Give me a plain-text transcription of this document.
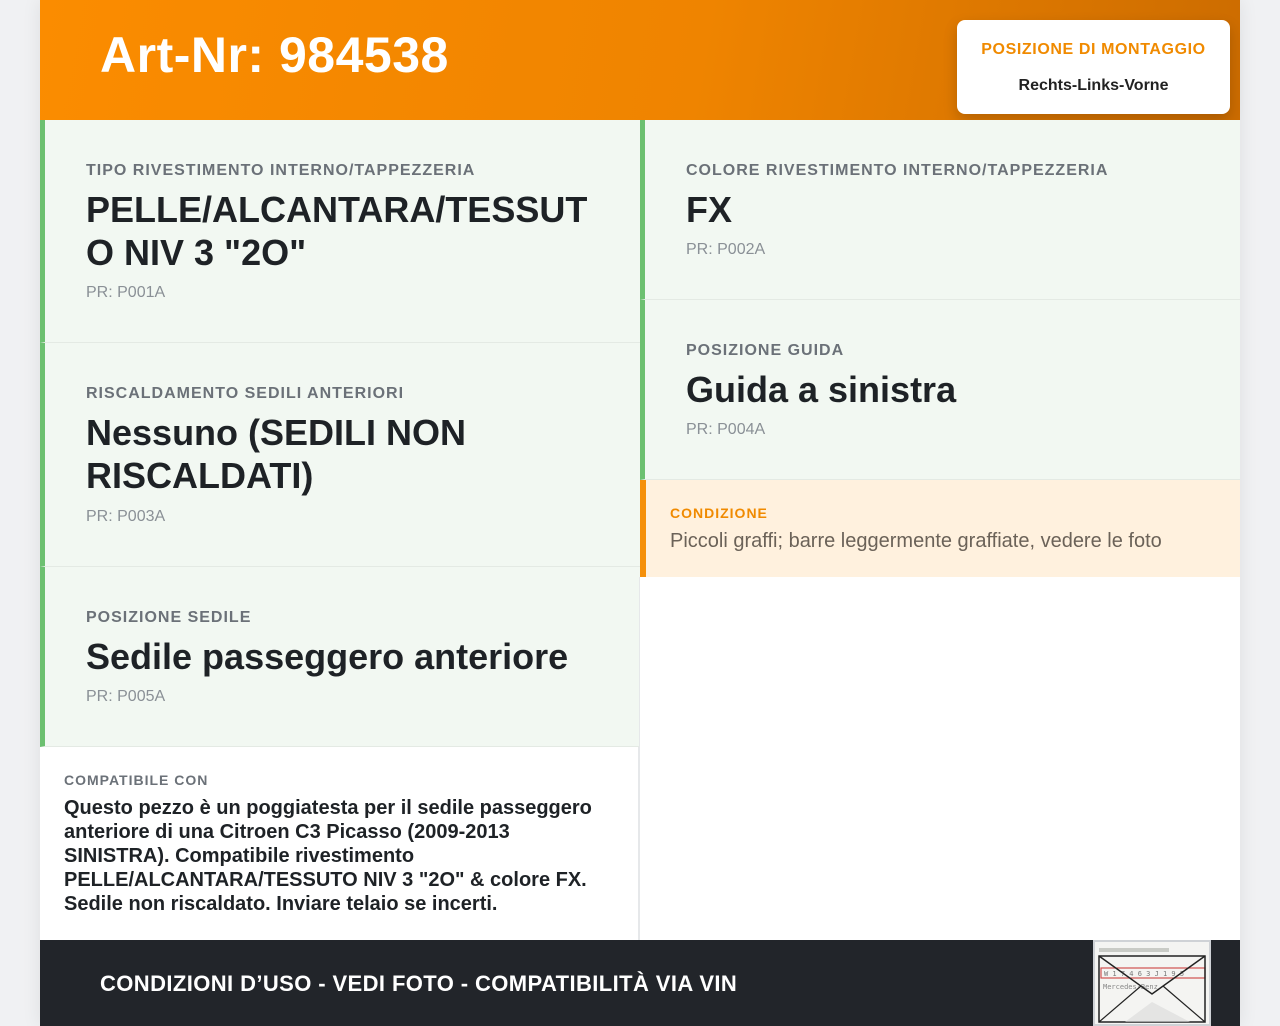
Art-Nr: 984538	POSIZIONE DI MONTAGGIO
Rechts-Links-Vorne
TIPO RIVESTIMENTO INTERNO/TAPPEZZERIA
PELLE/ALCANTARA/TESSUTO NIV 3 "2O"
PR: P001A
RISCALDAMENTO SEDILI ANTERIORI
Nessuno (SEDILI NON RISCALDATI)
PR: P003A
POSIZIONE SEDILE
Sedile passeggero anteriore
PR: P005A
COLORE RIVESTIMENTO INTERNO/TAPPEZZERIA
FX
PR: P002A
POSIZIONE GUIDA
Guida a sinistra
PR: P004A
CONDIZIONE
Piccoli graffi; barre leggermente graffiate, vedere le foto
COMPATIBILE CON
Questo pezzo è un poggiatesta per il sedile passeggero anteriore di una Citroen C3 Picasso (2009-2013 SINISTRA). Compatibile rivestimento PELLE/ALCANTARA/TESSUTO NIV 3 "2O" & colore FX. Sedile non riscaldato. Inviare telaio se incerti.
CONDIZIONI D’USO - VEDI FOTO - COMPATIBILITÀ VIA VIN	W 1 7 4 6 3 J 1 9 5
Mercedes-Benz
